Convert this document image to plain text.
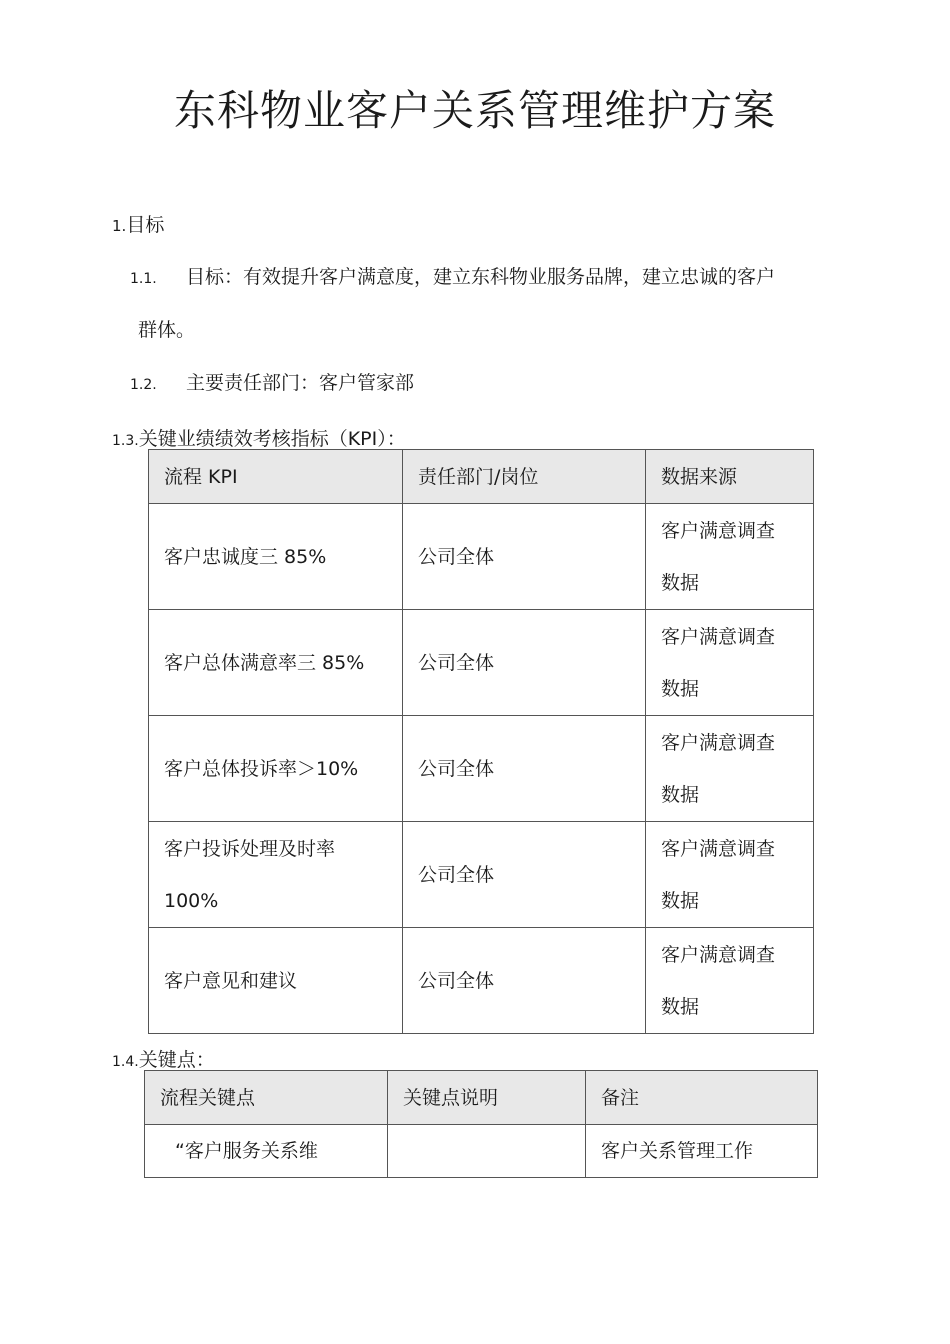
东科物业客户关系管理维护方案
1.目标
1.1. 目标：有效提升客户满意度，建立东科物业服务品牌，建立忠诚的客户
群体。
1.2. 主要责任部门：客户管家部
1.3.关键业绩绩效考核指标（KPI）：
流程 KPI	责任部门/岗位	数据来源

客户忠诚度三 85%	公司全体	客户满意调查
数据

客户总体满意率三 85%	公司全体	客户满意调查
数据

客户总体投诉率＞10%	公司全体	客户满意调查
数据

客户投诉处理及时率
100%	公司全体	客户满意调查
数据

客户意见和建议	公司全体	客户满意调查
数据
1.4.关键点：
流程关键点	关键点说明	备注
“客户服务关系维		客户关系管理工作
